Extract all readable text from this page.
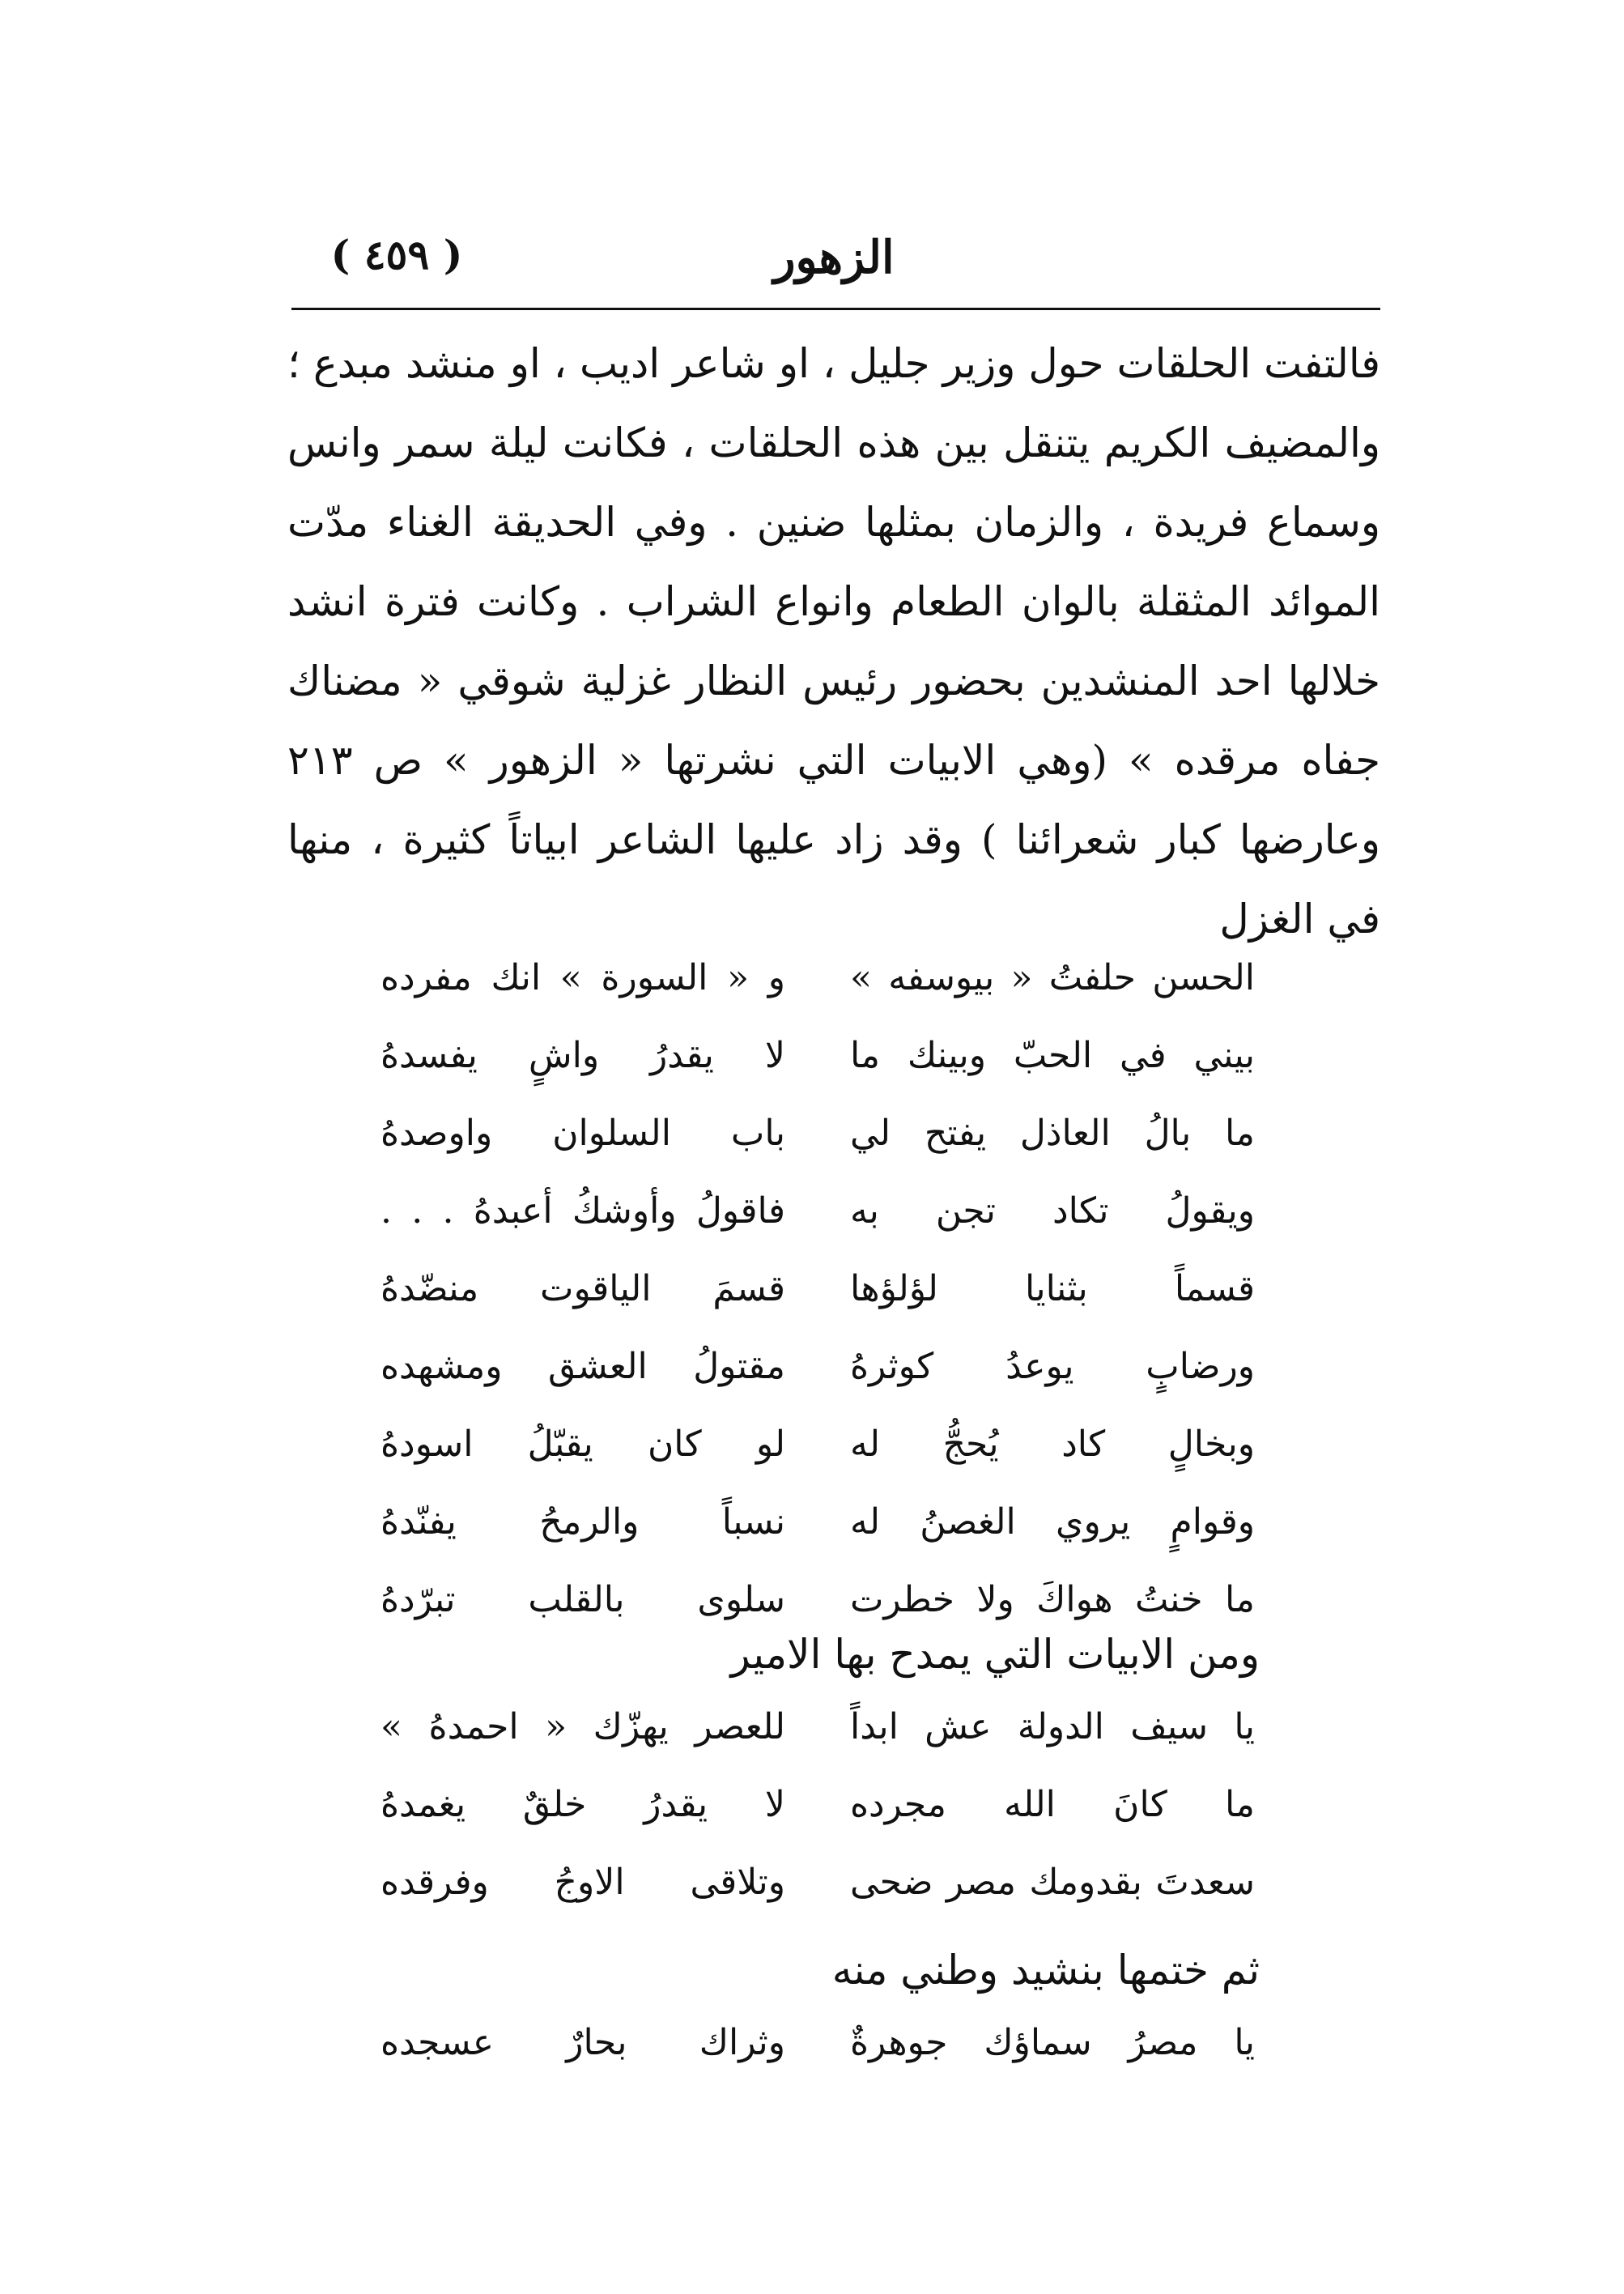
الزهور
( ٤٥٩ )

فالتفت الحلقات حول وزير جليل ، او شاعر اديب ، او منشد مبدع ؛ والمضيف الكريم يتنقل بين هذه الحلقات ، فكانت ليلة سمر وانس وسماع فريدة ، والزمان بمثلها ضنين . وفي الحديقة الغناء مدّت الموائد المثقلة بالوان الطعام وانواع الشراب . وكانت فترة انشد خلالها احد المنشدين بحضور رئيس النظار غزلية شوقي « مضناك جفاه مرقده » (وهي الابيات التي نشرتها « الزهور » ص ٢١٣ وعارضها كبار شعرائنا ) وقد زاد عليها الشاعر ابياتاً كثيرة ، منها في الغزل

الحسن حلفتُ « بيوسفه »
و « السورة » انك مفرده
بيني في الحبّ وبينك ما
لا يقدرُ واشٍ يفسدهُ
ما بالُ العاذل يفتح لي
باب السلوان واوصدهُ
ويقولُ تكاد تجن به
فاقولُ وأوشكُ أعبدهُ . . .
قسماً بثنايا لؤلؤها
قسمَ الياقوت منضّدهُ
ورضابٍ يوعدُ كوثرهُ
مقتولُ العشق ومشهده
وبخالٍ كاد يُحجُّ له
لو كان يقبّلُ اسودهُ
وقوامٍ يروي الغصنُ له
نسباً والرمحُ يفنّدهُ
ما خنتُ هواكَ ولا خطرت
سلوى بالقلب تبرّدهُ
ومن الابيات التي يمدح بها الامير
يا سيف الدولة عش ابداً
للعصر يهزّك « احمدهُ »
ما كانَ الله مجرده
لا يقدرُ خلقٌ يغمدهُ
سعدتَ بقدومك مصر ضحى
وتلاقى الاوجُ وفرقده
ثم ختمها بنشيد وطني منه
يا مصرُ سماؤك جوهرةٌ
وثراك بحارٌ عسجده
